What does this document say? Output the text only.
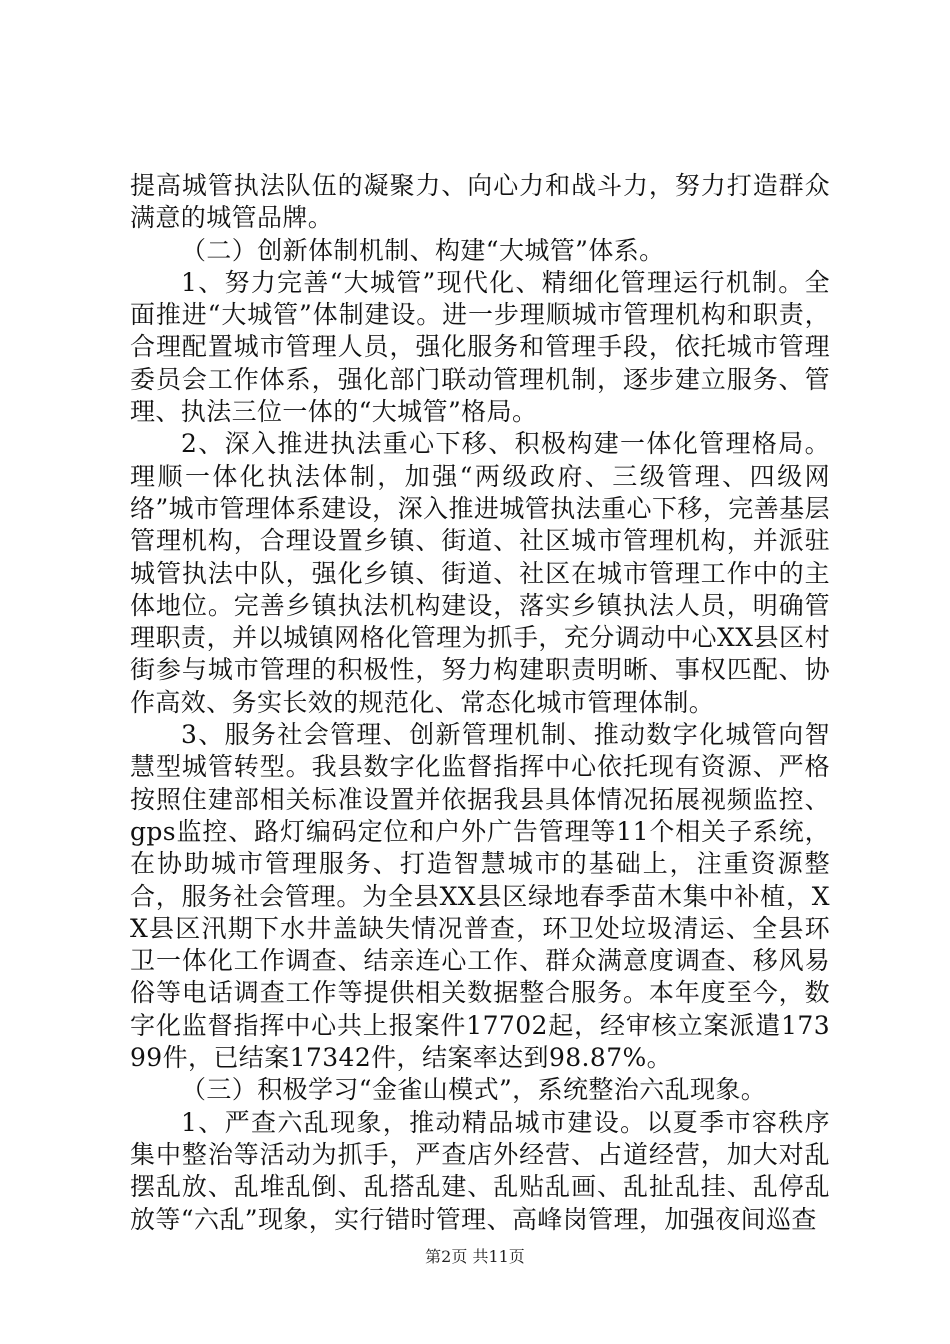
提高城管执法队伍的凝聚力、向心力和战斗力，努力打造群众满意的城管品牌。

（二）创新体制机制、构建“大城管”体系。

1、努力完善“大城管”现代化、精细化管理运行机制。全面推进“大城管”体制建设。进一步理顺城市管理机构和职责，合理配置城市管理人员，强化服务和管理手段，依托城市管理委员会工作体系，强化部门联动管理机制，逐步建立服务、管理、执法三位一体的“大城管”格局。

2、深入推进执法重心下移、积极构建一体化管理格局。理顺一体化执法体制，加强“两级政府、三级管理、四级网络”城市管理体系建设，深入推进城管执法重心下移，完善基层管理机构，合理设置乡镇、街道、社区城市管理机构，并派驻城管执法中队，强化乡镇、街道、社区在城市管理工作中的主体地位。完善乡镇执法机构建设，落实乡镇执法人员，明确管理职责，并以城镇网格化管理为抓手，充分调动中心XX县区村街参与城市管理的积极性，努力构建职责明晰、事权匹配、协作高效、务实长效的规范化、常态化城市管理体制。

3、服务社会管理、创新管理机制、推动数字化城管向智慧型城管转型。我县数字化监督指挥中心依托现有资源、严格按照住建部相关标准设置并依据我县具体情况拓展视频监控、gps监控、路灯编码定位和户外广告管理等11个相关子系统，在协助城市管理服务、打造智慧城市的基础上，注重资源整合，服务社会管理。为全县XX县区绿地春季苗木集中补植，XX县区汛期下水井盖缺失情况普查，环卫处垃圾清运、全县环卫一体化工作调查、结亲连心工作、群众满意度调查、移风易俗等电话调查工作等提供相关数据整合服务。本年度至今，数字化监督指挥中心共上报案件17702起，经审核立案派遣17399件，已结案17342件，结案率达到98.87%。

（三）积极学习“金雀山模式”，系统整治六乱现象。

1、严查六乱现象，推动精品城市建设。以夏季市容秩序集中整治等活动为抓手，严查店外经营、占道经营，加大对乱摆乱放、乱堆乱倒、乱搭乱建、乱贴乱画、乱扯乱挂、乱停乱放等“六乱”现象，实行错时管理、高峰岗管理，加强夜间巡查

第2页 共11页
